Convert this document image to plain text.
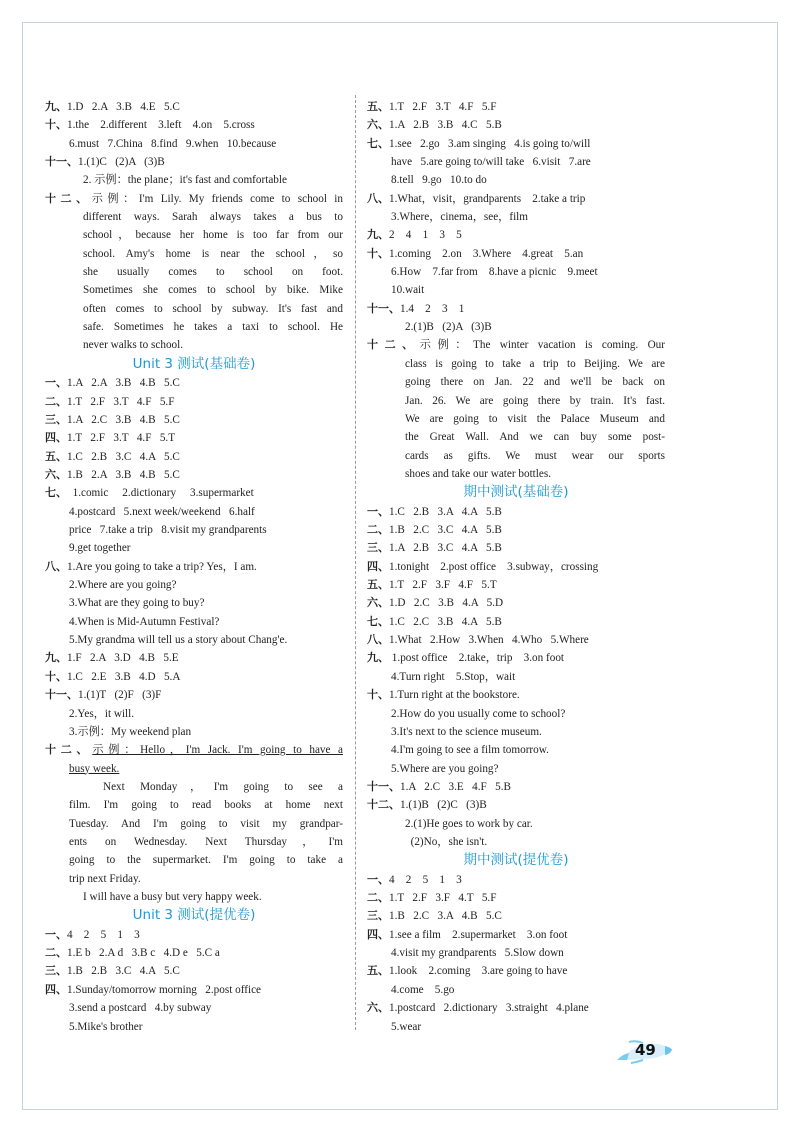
九、1.D   2.A   3.B   4.E   5.C
十、1.the    2.different    3.left    4.on    5.cross
6.must   7.China   8.find   9.when   10.because
十一、1.(1)C   (2)A   (3)B
2. 示例：the plane；it's fast and comfortable
十二、示例：I'm Lily. My friends come to school in
different ways. Sarah always takes a bus to
school，because her home is too far from our
school. Amy's home is near the school，so
she usually comes to school on foot.
Sometimes she comes to school by bike. Mike
often comes to school by subway. It's fast and
safe. Sometimes he takes a taxi to school. He
never walks to school.
Unit 3 测试(基础卷)
一、1.A   2.A   3.B   4.B   5.C
二、1.T   2.F   3.T   4.F   5.F
三、1.A   2.C   3.B   4.B   5.C
四、1.T   2.F   3.T   4.F   5.T
五、1.C   2.B   3.C   4.A   5.C
六、1.B   2.A   3.B   4.B   5.C
七、  1.comic     2.dictionary     3.supermarket
4.postcard   5.next week/weekend   6.half
price   7.take a trip   8.visit my grandparents
9.get together
八、1.Are you going to take a trip? Yes，I am.
2.Where are you going?
3.What are they going to buy?
4.When is Mid-Autumn Festival?
5.My grandma will tell us a story about Chang'e.
九、1.F   2.A   3.D   4.B   5.E
十、1.C   2.E   3.B   4.D   5.A
十一、1.(1)T   (2)F   (3)F
2.Yes，it will.
3.示例：My weekend plan
十二、示例：Hello，I'm Jack. I'm going to have a
busy week.
Next Monday，I'm going to see a
film. I'm going to read books at home next
Tuesday. And I'm going to visit my grandpar-
ents on Wednesday. Next Thursday，I'm
going to the supermarket. I'm going to take a
trip next Friday.
I will have a busy but very happy week.
Unit 3 测试(提优卷)
一、4    2    5    1    3
二、1.E b   2.A d   3.B c   4.D e   5.C a
三、1.B   2.B   3.C   4.A   5.C
四、1.Sunday/tomorrow morning   2.post office
3.send a postcard   4.by subway
5.Mike's brother
五、1.T   2.F   3.T   4.F   5.F
六、1.A   2.B   3.B   4.C   5.B
七、1.see   2.go   3.am singing   4.is going to/will
have   5.are going to/will take   6.visit   7.are
8.tell   9.go   10.to do
八、1.What，visit，grandparents    2.take a trip
3.Where，cinema，see，film
九、2    4    1    3    5
十、1.coming    2.on    3.Where    4.great    5.an
6.How    7.far from    8.have a picnic    9.meet
10.wait
十一、1.4    2    3    1
2.(1)B   (2)A   (3)B
十二、示例：The winter vacation is coming. Our
class is going to take a trip to Beijing. We are
going there on Jan. 22 and we'll be back on
Jan. 26. We are going there by train. It's fast.
We are going to visit the Palace Museum and
the Great Wall. And we can buy some post-
cards as gifts. We must wear our sports
shoes and take our water bottles.
期中测试(基础卷)
一、1.C   2.B   3.A   4.A   5.B
二、1.B   2.C   3.C   4.A   5.B
三、1.A   2.B   3.C   4.A   5.B
四、1.tonight    2.post office    3.subway，crossing
五、1.T   2.F   3.F   4.F   5.T
六、1.D   2.C   3.B   4.A   5.D
七、1.C   2.C   3.B   4.A   5.B
八、1.What   2.How   3.When   4.Who   5.Where
九、 1.post office    2.take，trip    3.on foot
4.Turn right    5.Stop，wait
十、1.Turn right at the bookstore.
2.How do you usually come to school?
3.It's next to the science museum.
4.I'm going to see a film tomorrow.
5.Where are you going?
十一、1.A   2.C   3.E   4.F   5.B
十二、1.(1)B   (2)C   (3)B
2.(1)He goes to work by car.
(2)No，she isn't.
期中测试(提优卷)
一、4    2    5    1    3
二、1.T   2.F   3.F   4.T   5.F
三、1.B   2.C   3.A   4.B   5.C
四、1.see a film    2.supermarket    3.on foot
4.visit my grandparents   5.Slow down
五、1.look    2.coming    3.are going to have
4.come    5.go
六、1.postcard   2.dictionary   3.straight   4.plane
5.wear
49
